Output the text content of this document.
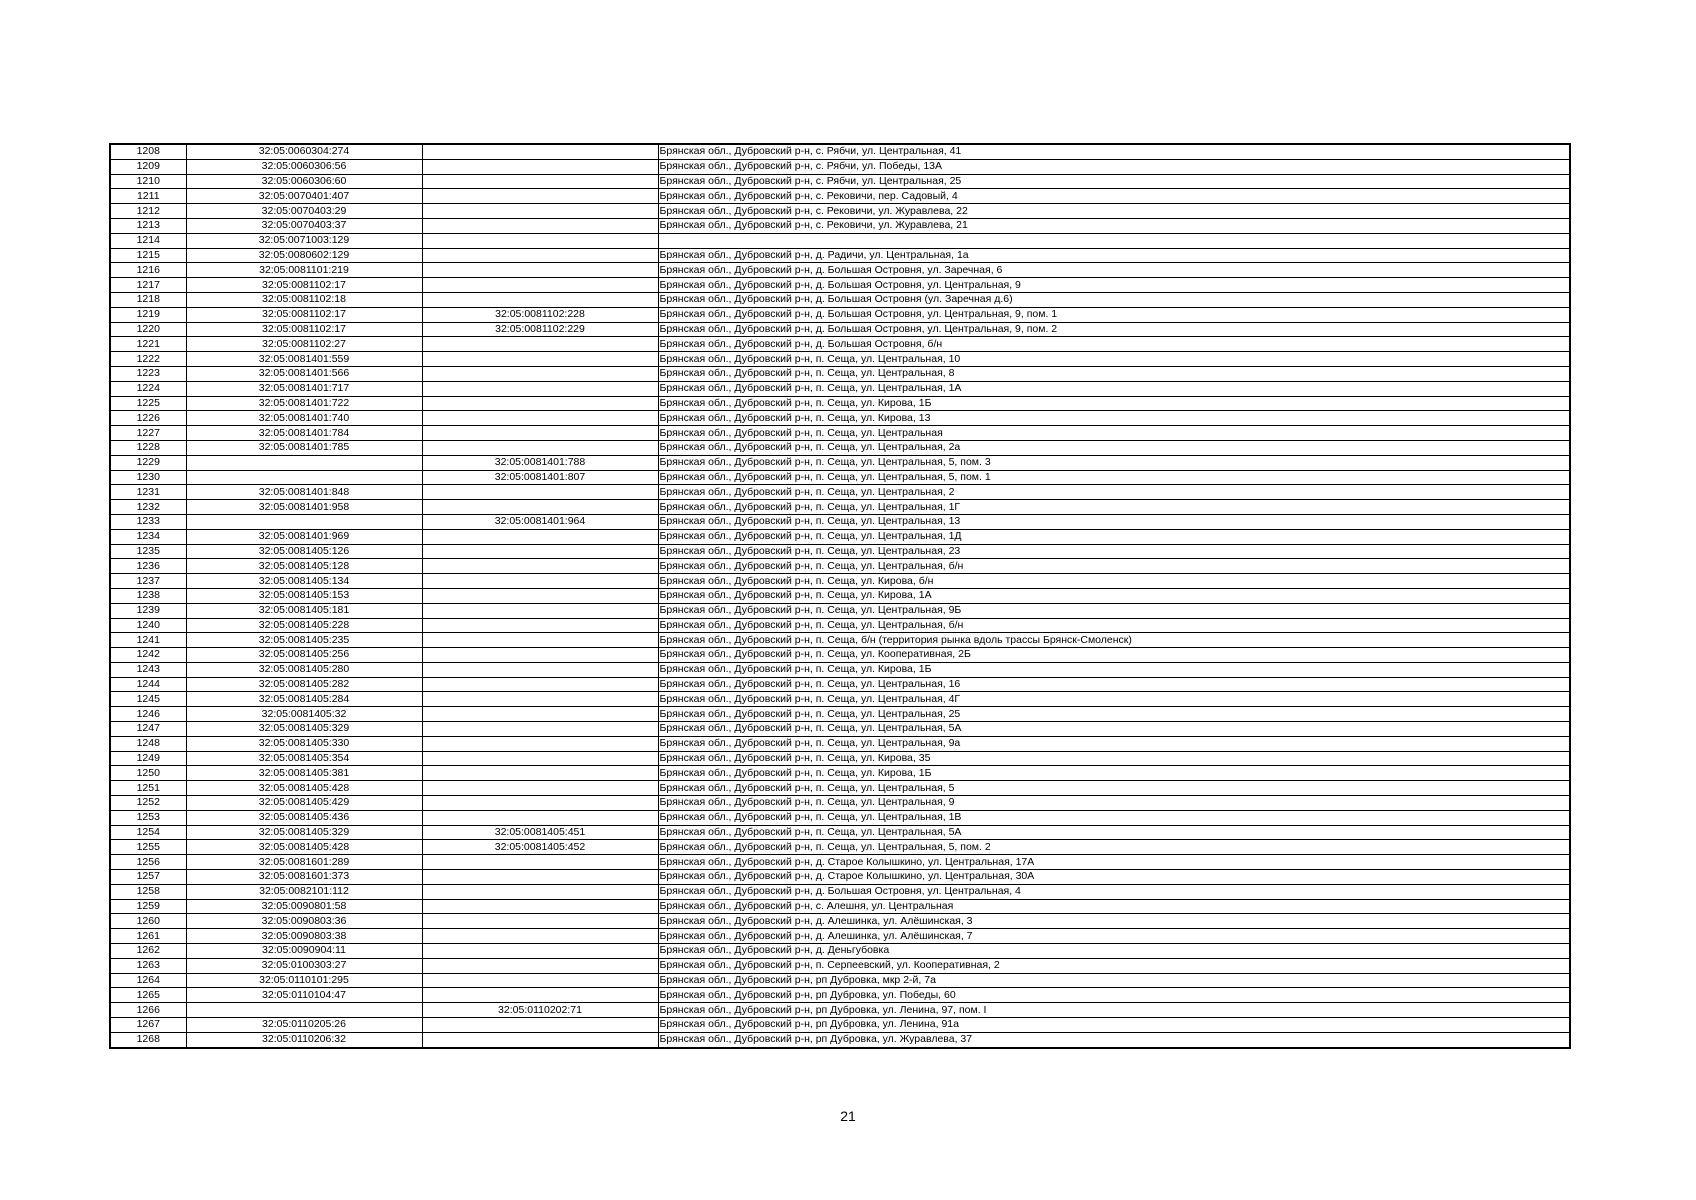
1208	32:05:0060304:274		Брянская обл., Дубровский р-н, с. Рябчи, ул. Центральная, 41
1209	32:05:0060306:56		Брянская обл., Дубровский р-н, с. Рябчи, ул. Победы, 13А
1210	32:05:0060306:60		Брянская обл., Дубровский р-н, с. Рябчи, ул. Центральная, 25
1211	32:05:0070401:407		Брянская обл., Дубровский р-н, с. Рековичи, пер. Садовый, 4
1212	32:05:0070403:29		Брянская обл., Дубровский р-н, с. Рековичи, ул. Журавлева, 22
1213	32:05:0070403:37		Брянская обл., Дубровский р-н, с. Рековичи, ул. Журавлева, 21
1214	32:05:0071003:129		
1215	32:05:0080602:129		Брянская обл., Дубровский р-н, д. Радичи, ул. Центральная, 1а
1216	32:05:0081101:219		Брянская обл., Дубровский р-н, д. Большая Островня, ул. Заречная, 6
1217	32:05:0081102:17		Брянская обл., Дубровский р-н, д. Большая Островня, ул. Центральная, 9
1218	32:05:0081102:18		Брянская обл., Дубровский р-н, д. Большая Островня (ул. Заречная д.6)
1219	32:05:0081102:17	32:05:0081102:228	Брянская обл., Дубровский р-н, д. Большая Островня, ул. Центральная, 9, пом. 1
1220	32:05:0081102:17	32:05:0081102:229	Брянская обл., Дубровский р-н, д. Большая Островня, ул. Центральная, 9, пом. 2
1221	32:05:0081102:27		Брянская обл., Дубровский р-н, д. Большая Островня, б/н
1222	32:05:0081401:559		Брянская обл., Дубровский р-н, п. Сеща, ул. Центральная, 10
1223	32:05:0081401:566		Брянская обл., Дубровский р-н, п. Сеща, ул. Центральная, 8
1224	32:05:0081401:717		Брянская обл., Дубровский р-н, п. Сеща, ул. Центральная, 1А
1225	32:05:0081401:722		Брянская обл., Дубровский р-н, п. Сеща, ул. Кирова, 1Б
1226	32:05:0081401:740		Брянская обл., Дубровский р-н, п. Сеща, ул. Кирова, 13
1227	32:05:0081401:784		Брянская обл., Дубровский р-н, п. Сеща, ул. Центральная
1228	32:05:0081401:785		Брянская обл., Дубровский р-н, п. Сеща, ул. Центральная, 2а
1229		32:05:0081401:788	Брянская обл., Дубровский р-н, п. Сеща, ул. Центральная, 5, пом. 3
1230		32:05:0081401:807	Брянская обл., Дубровский р-н, п. Сеща, ул. Центральная, 5, пом. 1
1231	32:05:0081401:848		Брянская обл., Дубровский р-н, п. Сеща, ул. Центральная, 2
1232	32:05:0081401:958		Брянская обл., Дубровский р-н, п. Сеща, ул. Центральная, 1Г
1233		32:05:0081401:964	Брянская обл., Дубровский р-н, п. Сеща, ул. Центральная, 13
1234	32:05:0081401:969		Брянская обл., Дубровский р-н, п. Сеща, ул. Центральная, 1Д
1235	32:05:0081405:126		Брянская обл., Дубровский р-н, п. Сеща, ул. Центральная, 23
1236	32:05:0081405:128		Брянская обл., Дубровский р-н, п. Сеща, ул. Центральная, б/н
1237	32:05:0081405:134		Брянская обл., Дубровский р-н, п. Сеща, ул. Кирова, б/н
1238	32:05:0081405:153		Брянская обл., Дубровский р-н, п. Сеща, ул. Кирова, 1А
1239	32:05:0081405:181		Брянская обл., Дубровский р-н, п. Сеща, ул. Центральная, 9Б
1240	32:05:0081405:228		Брянская обл., Дубровский р-н, п. Сеща, ул. Центральная, б/н
1241	32:05:0081405:235		Брянская обл., Дубровский р-н, п. Сеща, б/н (территория рынка вдоль трассы Брянск-Смоленск)
1242	32:05:0081405:256		Брянская обл., Дубровский р-н, п. Сеща, ул. Кооперативная, 2Б
1243	32:05:0081405:280		Брянская обл., Дубровский р-н, п. Сеща, ул. Кирова, 1Б
1244	32:05:0081405:282		Брянская обл., Дубровский р-н, п. Сеща, ул. Центральная, 16
1245	32:05:0081405:284		Брянская обл., Дубровский р-н, п. Сеща, ул. Центральная, 4Г
1246	32:05:0081405:32		Брянская обл., Дубровский р-н, п. Сеща, ул. Центральная, 25
1247	32:05:0081405:329		Брянская обл., Дубровский р-н, п. Сеща, ул. Центральная, 5А
1248	32:05:0081405:330		Брянская обл., Дубровский р-н, п. Сеща, ул. Центральная, 9а
1249	32:05:0081405:354		Брянская обл., Дубровский р-н, п. Сеща, ул. Кирова, 35
1250	32:05:0081405:381		Брянская обл., Дубровский р-н, п. Сеща, ул. Кирова, 1Б
1251	32:05:0081405:428		Брянская обл., Дубровский р-н, п. Сеща, ул. Центральная, 5
1252	32:05:0081405:429		Брянская обл., Дубровский р-н, п. Сеща, ул. Центральная, 9
1253	32:05:0081405:436		Брянская обл., Дубровский р-н, п. Сеща, ул. Центральная, 1В
1254	32:05:0081405:329	32:05:0081405:451	Брянская обл., Дубровский р-н, п. Сеща, ул. Центральная, 5А
1255	32:05:0081405:428	32:05:0081405:452	Брянская обл., Дубровский р-н, п. Сеща, ул. Центральная, 5, пом. 2
1256	32:05:0081601:289		Брянская обл., Дубровский р-н, д. Старое Колышкино, ул. Центральная, 17А
1257	32:05:0081601:373		Брянская обл., Дубровский р-н, д. Старое Колышкино, ул. Центральная, 30А
1258	32:05:0082101:112		Брянская обл., Дубровский р-н, д. Большая Островня, ул. Центральная, 4
1259	32:05:0090801:58		Брянская обл., Дубровский р-н, с. Алешня, ул. Центральная
1260	32:05:0090803:36		Брянская обл., Дубровский р-н, д. Алешинка, ул. Алёшинская, 3
1261	32:05:0090803:38		Брянская обл., Дубровский р-н, д. Алешинка, ул. Алёшинская, 7
1262	32:05:0090904:11		Брянская обл., Дубровский р-н, д. Деньгубовка
1263	32:05:0100303:27		Брянская обл., Дубровский р-н, п. Серпеевский, ул. Кооперативная, 2
1264	32:05:0110101:295		Брянская обл., Дубровский р-н, рп Дубровка, мкр 2-й, 7а
1265	32:05:0110104:47		Брянская обл., Дубровский р-н, рп Дубровка, ул. Победы, 60
1266		32:05:0110202:71	Брянская обл., Дубровский р-н, рп Дубровка, ул. Ленина, 97, пом. I
1267	32:05:0110205:26		Брянская обл., Дубровский р-н, рп Дубровка, ул. Ленина, 91а
1268	32:05:0110206:32		Брянская обл., Дубровский р-н, рп Дубровка, ул. Журавлева, 37
21
